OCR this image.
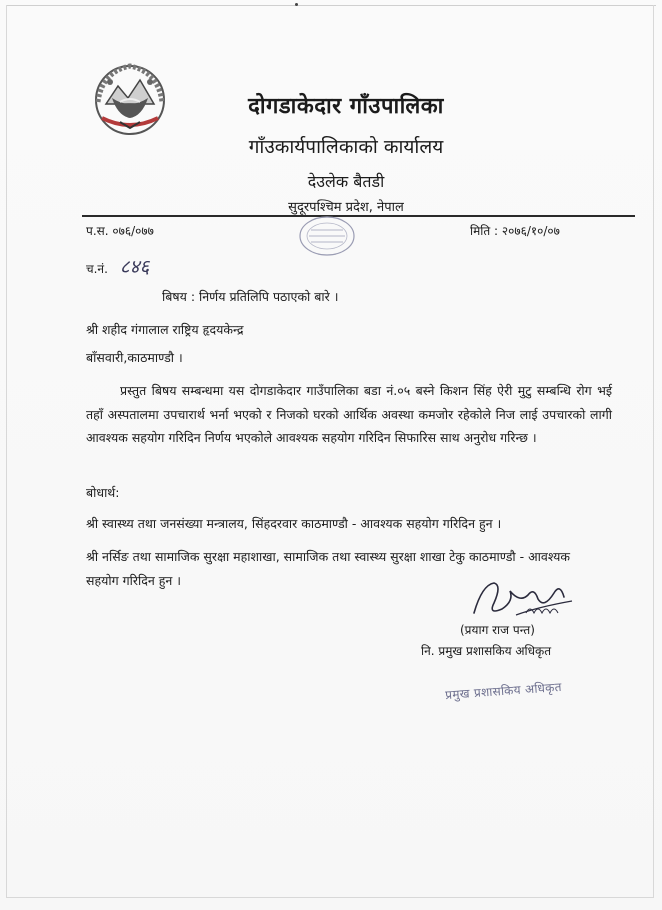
दोगडाकेदार गाँउपालिका
गाँउकार्यपालिकाको कार्यालय
देउलेक बैतडी
सुदूरपश्चिम प्रदेश, नेपाल
प.स. ०७६/०७७	मिति : २०७६/१०/०७
च.नं. ८४६
बिषय : निर्णय प्रतिलिपि पठाएको बारे ।
श्री शहीद गंगालाल राष्ट्रिय हृदयकेन्द्र
बाँसवारी,काठमाण्डौ ।
प्रस्तुत बिषय सम्बन्धमा यस दोगडाकेदार गाउँपालिका बडा नं.०५ बस्ने किशन सिंह ऐरी मुटु सम्बन्धि रोग भई तहाँ अस्पतालमा उपचारार्थ भर्ना भएको र निजको घरको आर्थिक अवस्था कमजोर रहेकोले निज लाई उपचारको लागी आवश्यक सहयोग गरिदिन निर्णय भएकोले आवश्यक सहयोग गरिदिन सिफारिस साथ अनुरोध गरिन्छ ।
बोधार्थ:
श्री स्वास्थ्य तथा जनसंख्या मन्त्रालय, सिंहदरवार काठमाण्डौ - आवश्यक सहयोग गरिदिन हुन ।
श्री नर्सिङ तथा सामाजिक सुरक्षा महाशाखा, सामाजिक तथा स्वास्थ्य सुरक्षा शाखा टेकु काठमाण्डौ - आवश्यक सहयोग गरिदिन हुन ।
(प्रयाग राज पन्त)
नि. प्रमुख प्रशासकिय अधिकृत
प्रमुख प्रशासकिय अधिकृत
